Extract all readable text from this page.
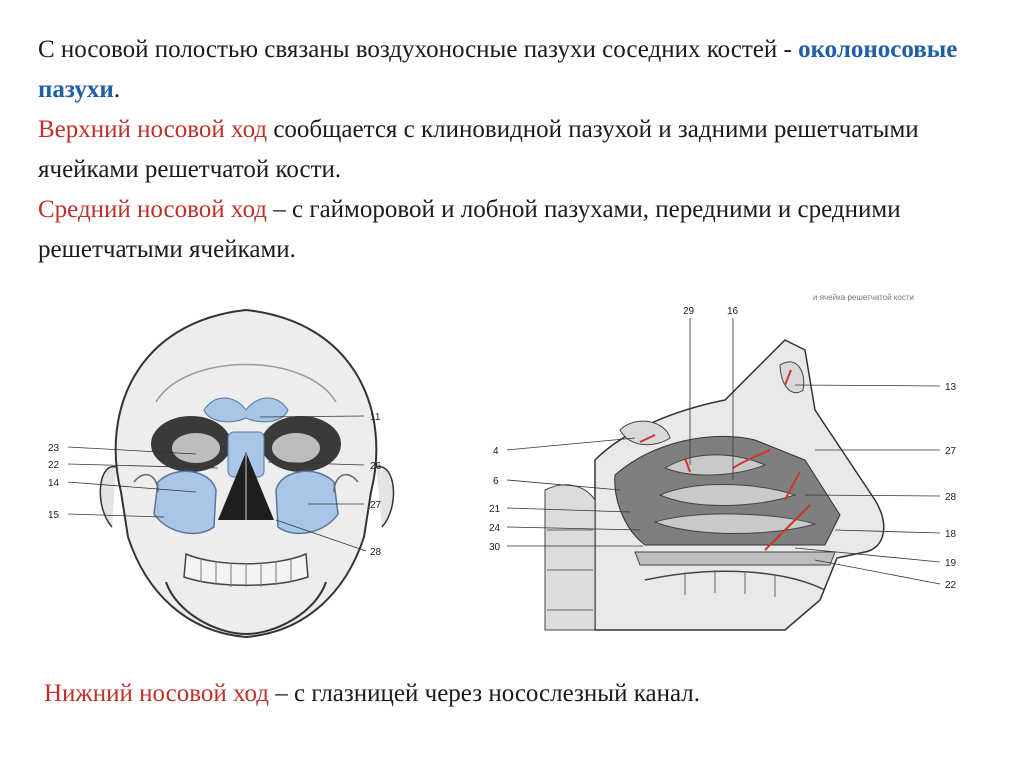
С носовой полостью связаны воздухоносные пазухи соседних костей - околоносовые пазухи.

Верхний носовой ход сообщается с клиновидной пазухой и задними решетчатыми ячейками решетчатой кости.

Средний носовой ход – с гайморовой и лобной пазухами, передними и средними решетчатыми ячейками.

23
22
14
15
11
26
27
28
и ячейка решетчатой кости
29	16
4
6
21
24
30
13
27
28
18
19
22
Нижний носовой ход – с глазницей через носослезный канал.
